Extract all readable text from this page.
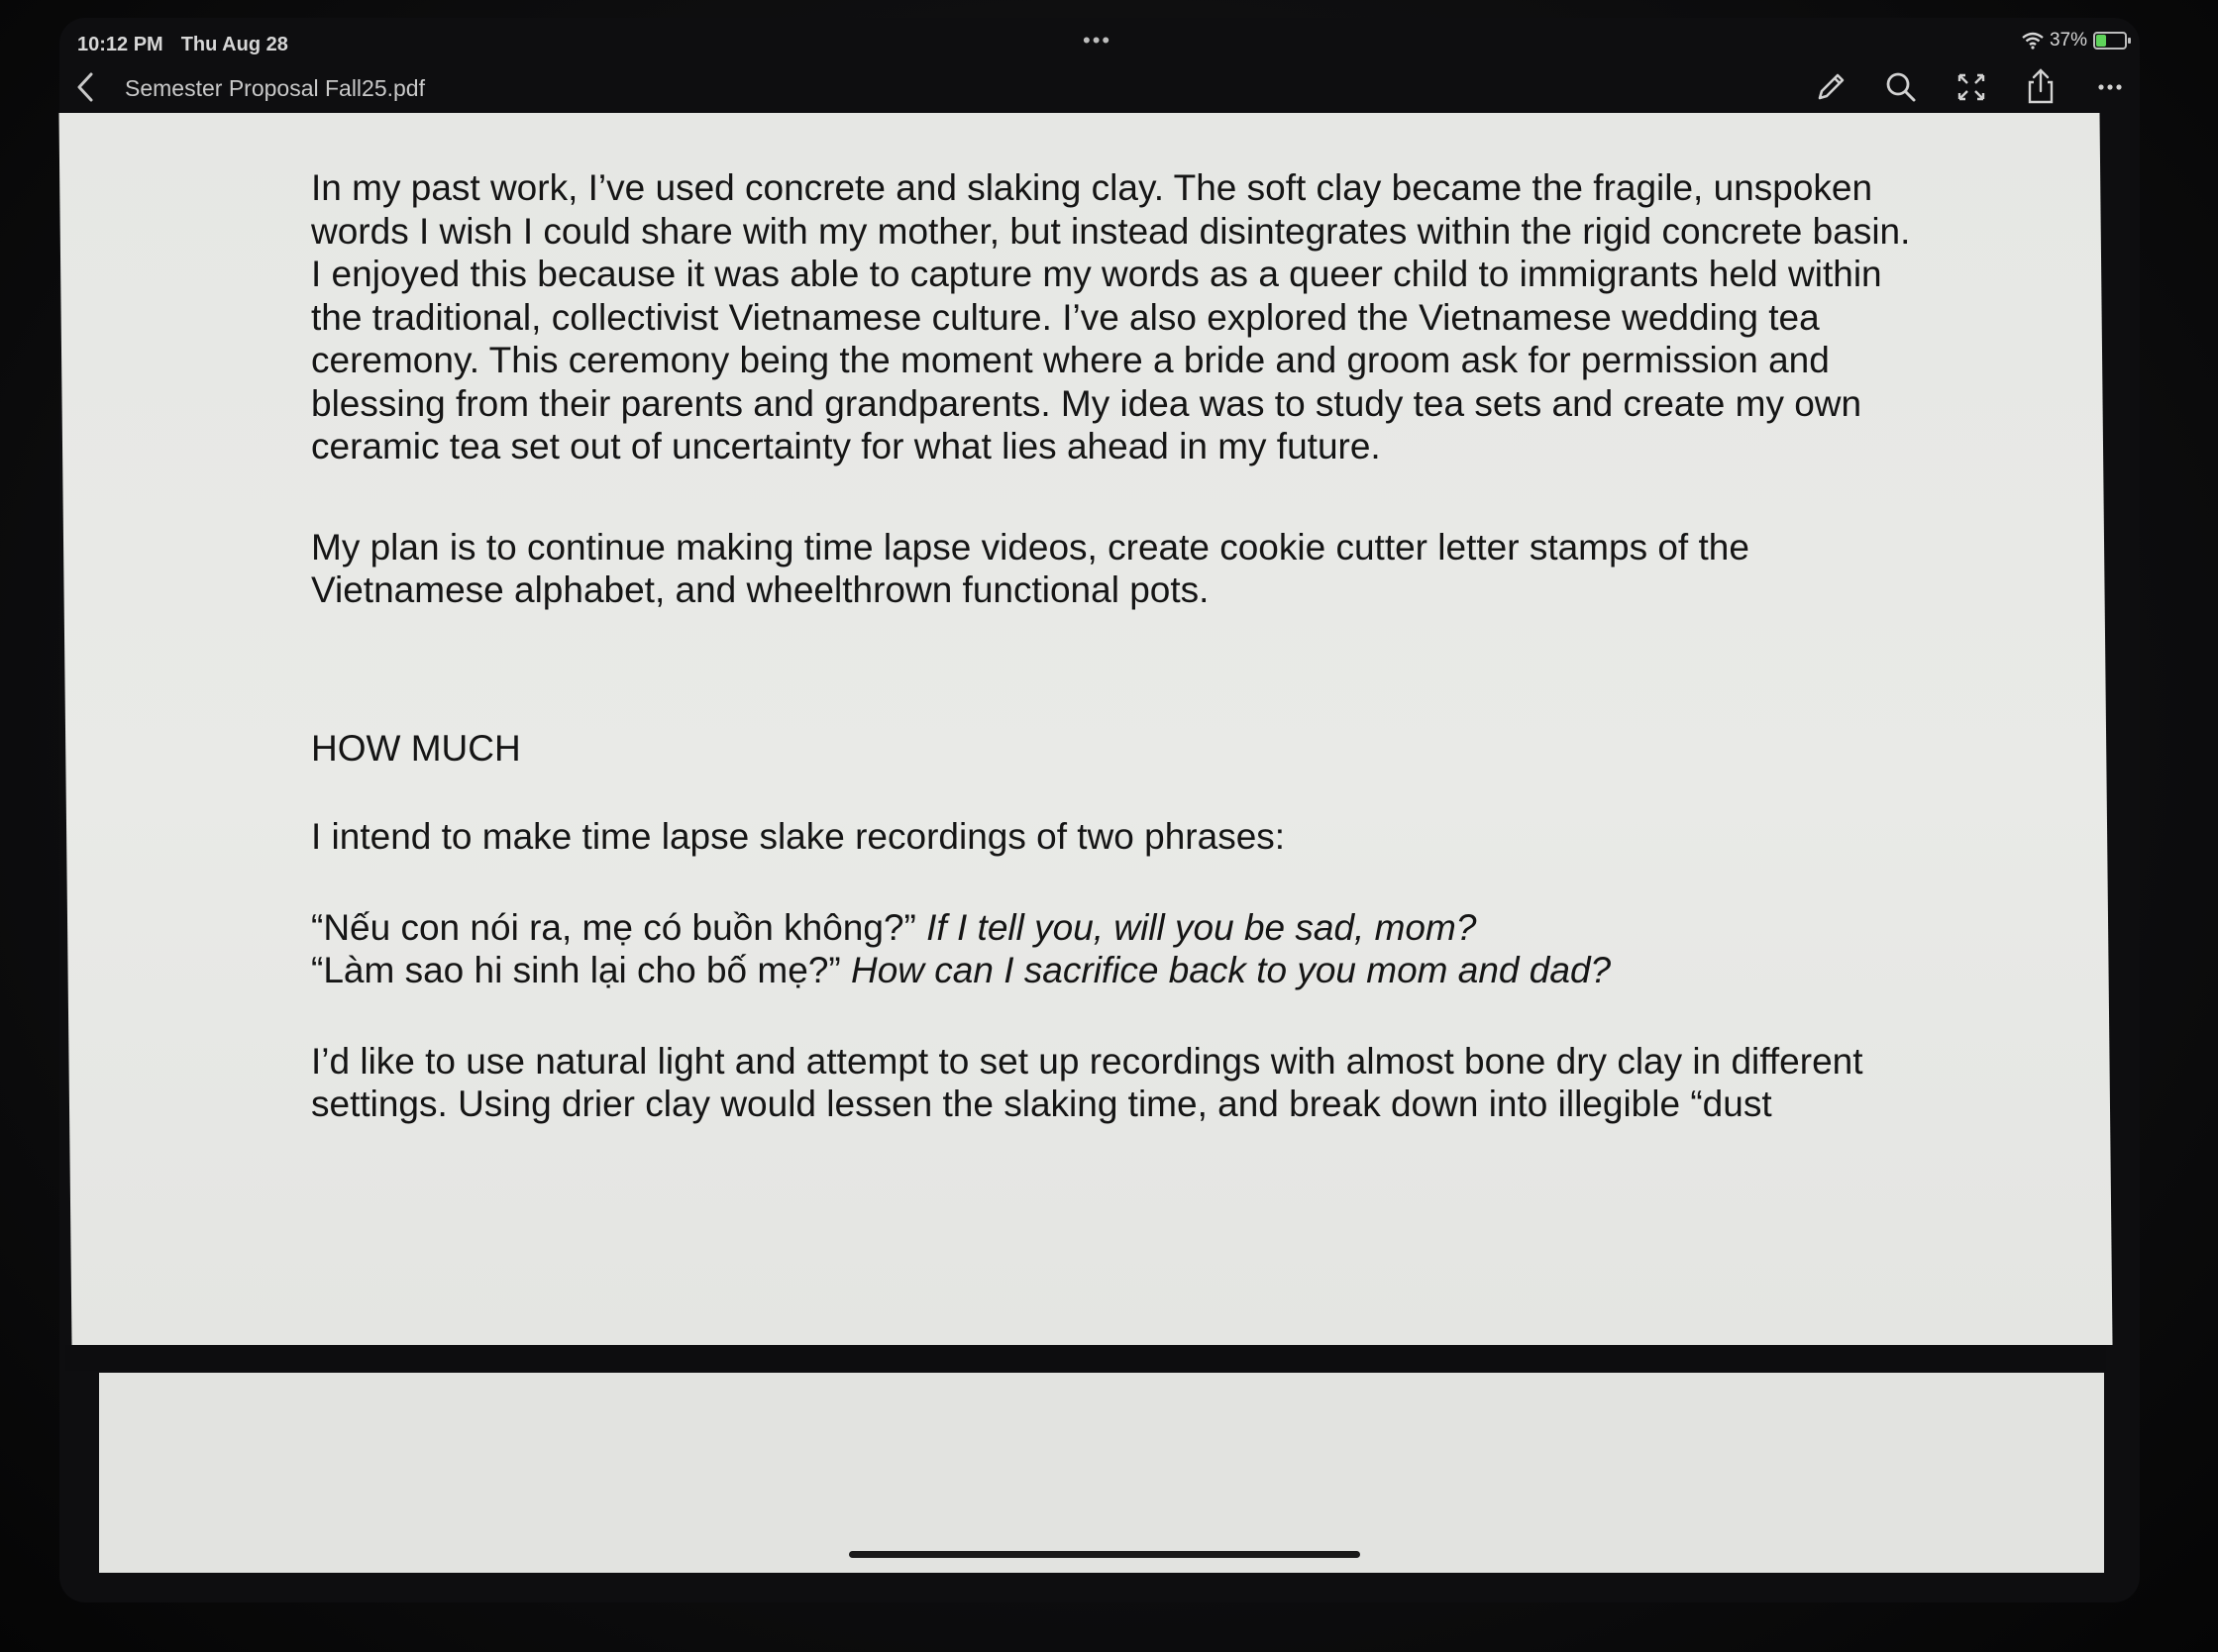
10:12 PM Thu Aug 28	•••	37%
Semester Proposal Fall25.pdf

In my past work, I’ve used concrete and slaking clay. The soft clay became the fragile, unspoken words I wish I could share with my mother, but instead disintegrates within the rigid concrete basin. I enjoyed this because it was able to capture my words as a queer child to immigrants held within the traditional, collectivist Vietnamese culture. I’ve also explored the Vietnamese wedding tea ceremony. This ceremony being the moment where a bride and groom ask for permission and blessing from their parents and grandparents. My idea was to study tea sets and create my own ceramic tea set out of uncertainty for what lies ahead in my future.

My plan is to continue making time lapse videos, create cookie cutter letter stamps of the Vietnamese alphabet, and wheelthrown functional pots.

HOW MUCH

I intend to make time lapse slake recordings of two phrases:

“Nếu con nói ra, mẹ có buồn không?” If I tell you, will you be sad, mom?

“Làm sao hi sinh lại cho bố mẹ?” How can I sacrifice back to you mom and dad?

I’d like to use natural light and attempt to set up recordings with almost bone dry clay in different settings. Using drier clay would lessen the slaking time, and break down into illegible “dust
